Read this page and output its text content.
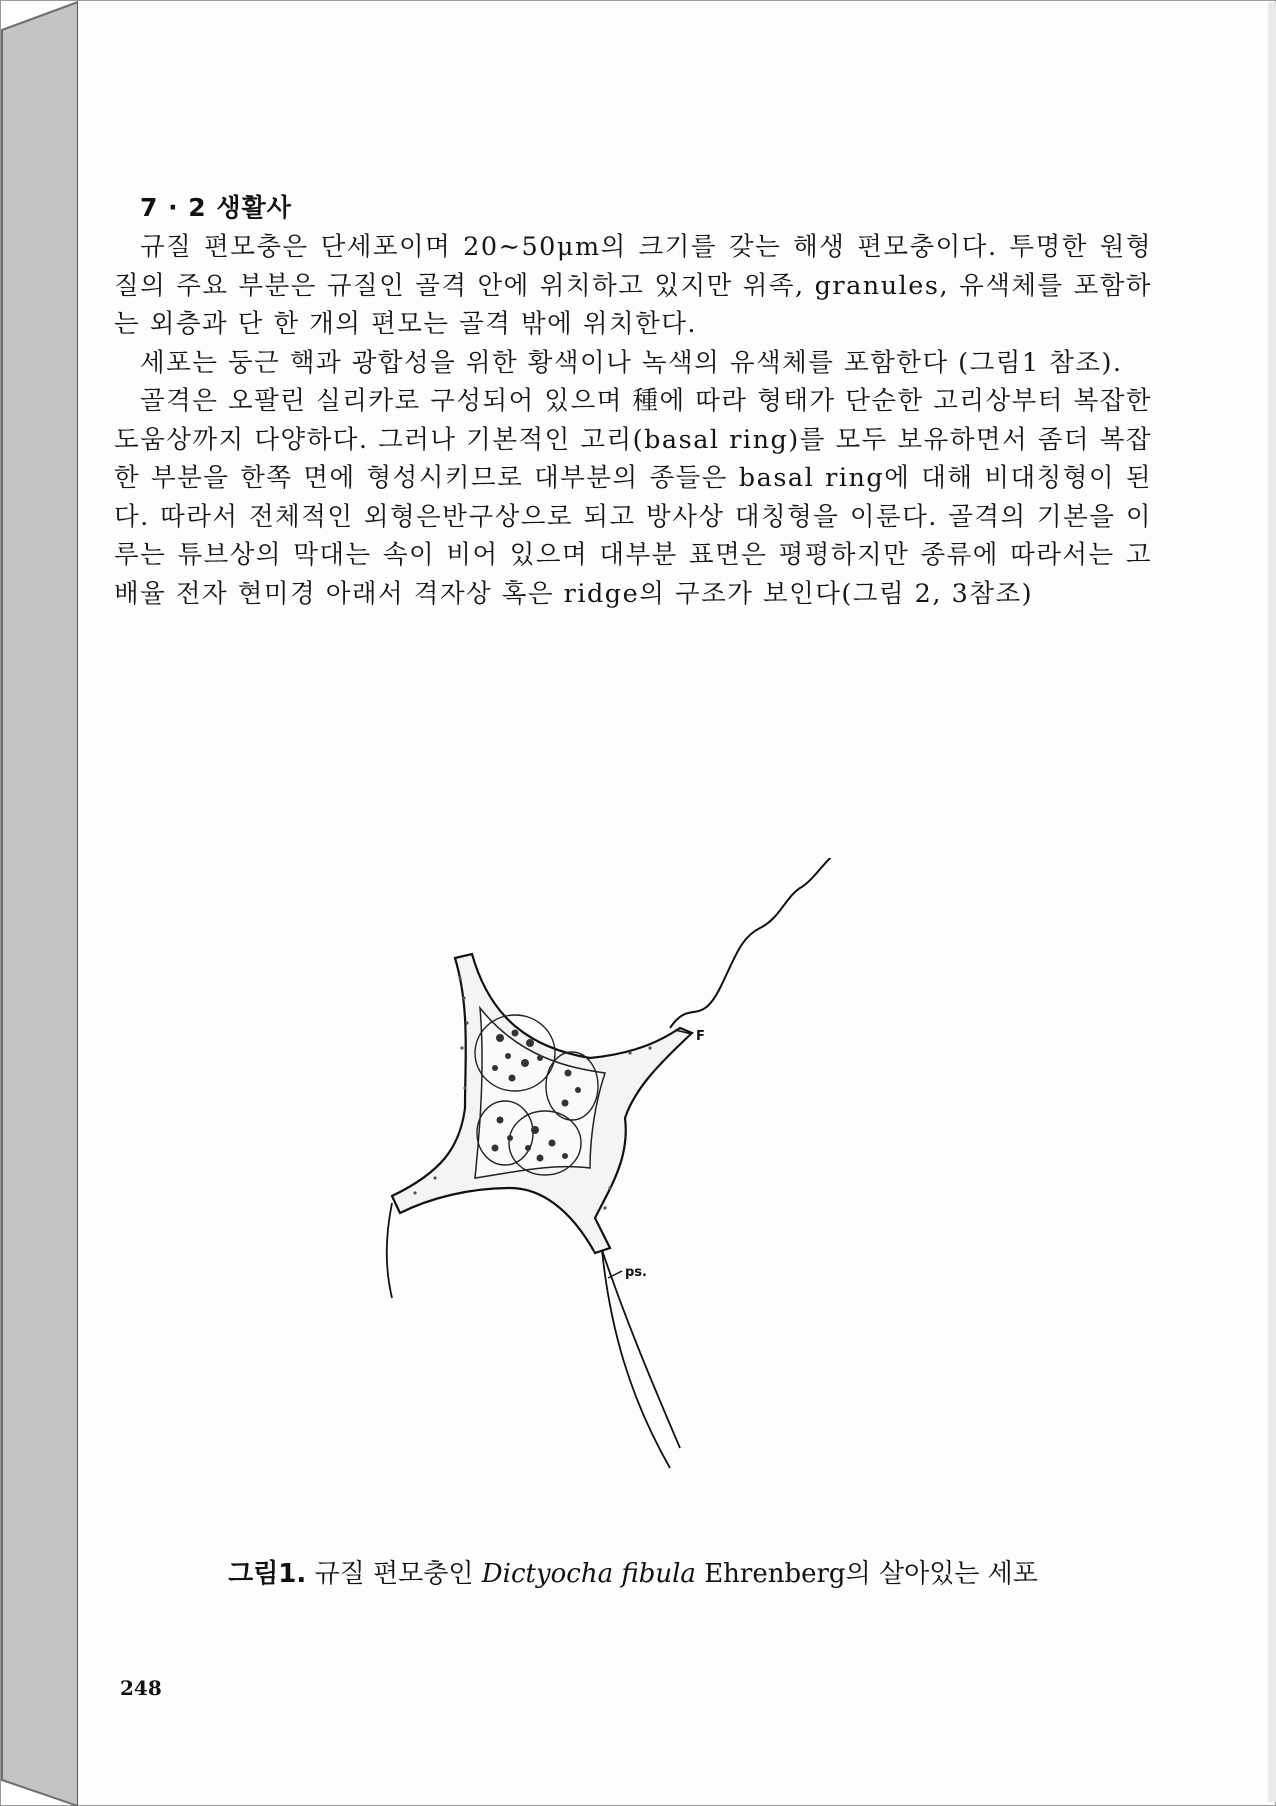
7 · 2 생활사

규질 편모충은 단세포이며 20∼50μm의 크기를 갖는 해생 편모충이다. 투명한 원형질의 주요 부분은 규질인 골격 안에 위치하고 있지만 위족, granules, 유색체를 포함하는 외층과 단 한 개의 편모는 골격 밖에 위치한다.

세포는 둥근 핵과 광합성을 위한 황색이나 녹색의 유색체를 포함한다 (그림1 참조).

골격은 오팔린 실리카로 구성되어 있으며 種에 따라 형태가 단순한 고리상부터 복잡한 도움상까지 다양하다. 그러나 기본적인 고리(basal ring)를 모두 보유하면서 좀더 복잡한 부분을 한쪽 면에 형성시키므로 대부분의 종들은 basal ring에 대해 비대칭형이 된다. 따라서 전체적인 외형은반구상으로 되고 방사상 대칭형을 이룬다. 골격의 기본을 이루는 튜브상의 막대는 속이 비어 있으며 대부분 표면은 평평하지만 종류에 따라서는 고배율 전자 현미경 아래서 격자상 혹은 ridge의 구조가 보인다(그림 2, 3참조)

F
ps.
그림1. 규질 편모충인 Dictyocha fibula Ehrenberg의 살아있는 세포
248
